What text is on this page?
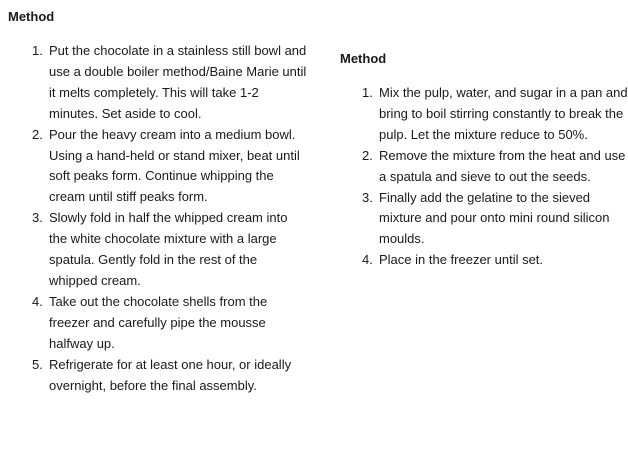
Method
1. Put the chocolate in a stainless still bowl and use a double boiler method/Baine Marie until it melts completely. This will take 1-2 minutes. Set aside to cool.
2. Pour the heavy cream into a medium bowl. Using a hand-held or stand mixer, beat until soft peaks form. Continue whipping the cream until stiff peaks form.
3. Slowly fold in half the whipped cream into the white chocolate mixture with a large spatula. Gently fold in the rest of the whipped cream.
4. Take out the chocolate shells from the freezer and carefully pipe the mousse halfway up.
5. Refrigerate for at least one hour, or ideally overnight, before the final assembly.
Method
1. Mix the pulp, water, and sugar in a pan and bring to boil stirring constantly to break the pulp. Let the mixture reduce to 50%.
2. Remove the mixture from the heat and use a spatula and sieve to out the seeds.
3. Finally add the gelatine to the sieved mixture and pour onto mini round silicon moulds.
4. Place in the freezer until set.
